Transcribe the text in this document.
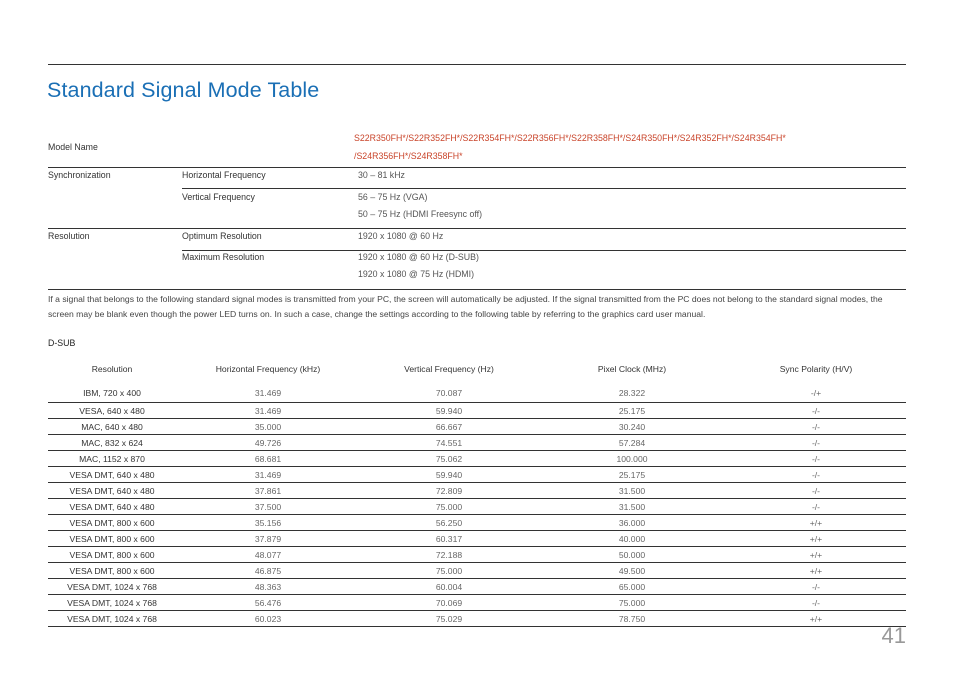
Standard Signal Mode Table
Model Name
S22R350FH*/S22R352FH*/S22R354FH*/S22R356FH*/S22R358FH*/S24R350FH*/S24R352FH*/S24R354FH*
/S24R356FH*/S24R358FH*
Synchronization	Horizontal Frequency	30 – 81 kHz
Vertical Frequency	56 – 75 Hz (VGA)
50 – 75 Hz (HDMI Freesync off)
Resolution	Optimum Resolution	1920 x 1080 @ 60 Hz
Maximum Resolution	1920 x 1080 @ 60 Hz (D-SUB)
1920 x 1080 @ 75 Hz (HDMI)

If a signal that belongs to the following standard signal modes is transmitted from your PC, the screen will automatically be adjusted. If the signal transmitted from the PC does not belong to the standard signal modes, the screen may be blank even though the power LED turns on. In such a case, change the settings according to the following table by referring to the graphics card user manual.

D-SUB
Resolution	Horizontal Frequency (kHz)	Vertical Frequency (Hz)	Pixel Clock (MHz)	Sync Polarity (H/V)
IBM, 720 x 400	31.469	70.087	28.322	-/+
VESA, 640 x 480	31.469	59.940	25.175	-/-
MAC, 640 x 480	35.000	66.667	30.240	-/-
MAC, 832 x 624	49.726	74.551	57.284	-/-
MAC, 1152 x 870	68.681	75.062	100.000	-/-
VESA DMT, 640 x 480	31.469	59.940	25.175	-/-
VESA DMT, 640 x 480	37.861	72.809	31.500	-/-
VESA DMT, 640 x 480	37.500	75.000	31.500	-/-
VESA DMT, 800 x 600	35.156	56.250	36.000	+/+
VESA DMT, 800 x 600	37.879	60.317	40.000	+/+
VESA DMT, 800 x 600	48.077	72.188	50.000	+/+
VESA DMT, 800 x 600	46.875	75.000	49.500	+/+
VESA DMT, 1024 x 768	48.363	60.004	65.000	-/-
VESA DMT, 1024 x 768	56.476	70.069	75.000	-/-
VESA DMT, 1024 x 768	60.023	75.029	78.750	+/+
41
